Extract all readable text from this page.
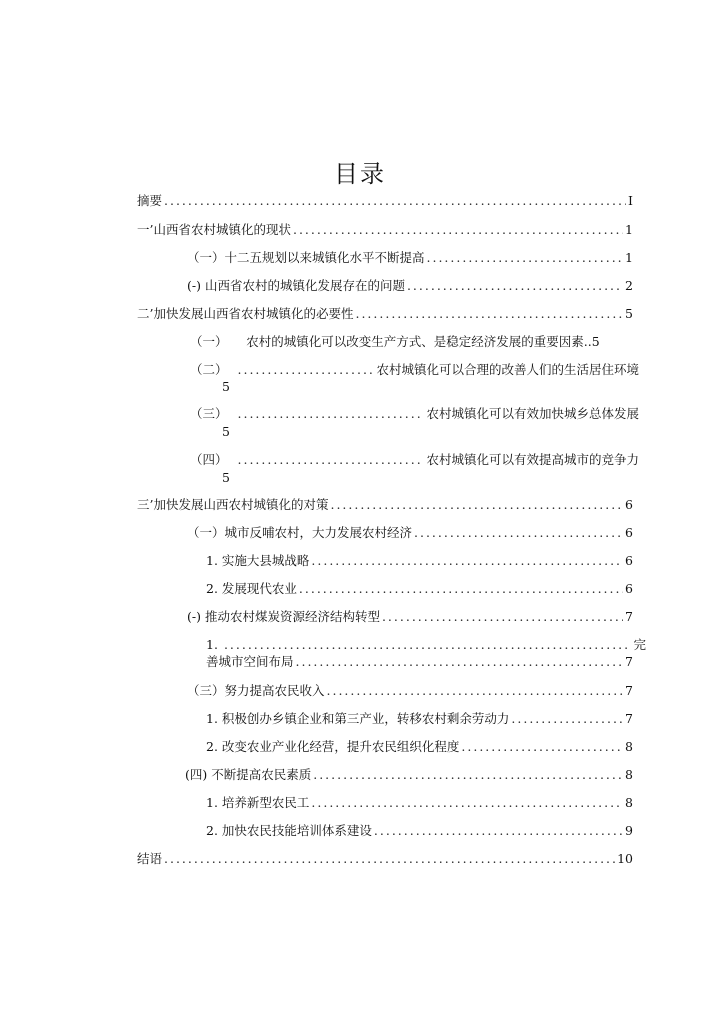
目录
摘要 .....	I
一’山西省农村城镇化的现状 .....	1
（一）十二五规划以来城镇化水平不断提高 .....	1
(-) 山西省农村的城镇化发展存在的问题 .....	2
二’加快发展山西省农村城镇化的必要性 .....	5
（一）　　农村的城镇化可以改变生产方式、是稳定经济发展的重要因素..5
（二） .....	农村城镇化可以合理的改善人们的生活居住环境
5
（三） .....	农村城镇化可以有效加快城乡总体发展
5
（四） .....	农村城镇化可以有效提高城市的竞争力
5
三’加快发展山西农村城镇化的对策 .....	6
（一）城市反哺农村，大力发展农村经济 .....	6
1. 实施大县城战略 .....	6
2. 发展现代农业 .....	6
(-) 推动农村煤炭资源经济结构转型 .....	7
1. .....	完
善城市空间布局 .....	7
（三）努力提高农民收入 .....	7
1. 积极创办乡镇企业和第三产业，转移农村剩余劳动力 .....	7
2. 改变农业产业化经营，提升农民组织化程度 .....	8
(四) 不断提高农民素质 .....	8
1. 培养新型农民工 .....	8
2. 加快农民技能培训体系建设 .....	9
结语 .....	10
